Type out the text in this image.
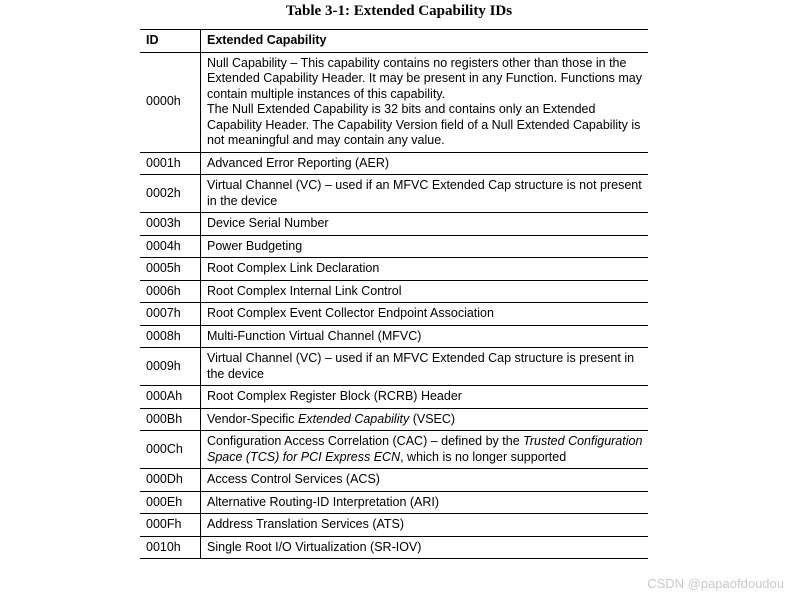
Table 3-1: Extended Capability IDs
ID	Extended Capability
0000h	Null Capability – This capability contains no registers other than those in the Extended Capability Header. It may be present in any Function. Functions may contain multiple instances of this capability.

The Null Extended Capability is 32 bits and contains only an Extended Capability Header. The Capability Version field of a Null Extended Capability is not meaningful and may contain any value.

0001h	Advanced Error Reporting (AER)
0002h	Virtual Channel (VC) – used if an MFVC Extended Cap structure is not present in the device
0003h	Device Serial Number
0004h	Power Budgeting
0005h	Root Complex Link Declaration
0006h	Root Complex Internal Link Control
0007h	Root Complex Event Collector Endpoint Association
0008h	Multi-Function Virtual Channel (MFVC)
0009h	Virtual Channel (VC) – used if an MFVC Extended Cap structure is present in the device
000Ah	Root Complex Register Block (RCRB) Header
000Bh	Vendor-Specific Extended Capability (VSEC)
000Ch	Configuration Access Correlation (CAC) – defined by the Trusted Configuration Space (TCS) for PCI Express ECN, which is no longer supported
000Dh	Access Control Services (ACS)
000Eh	Alternative Routing-ID Interpretation (ARI)
000Fh	Address Translation Services (ATS)
0010h	Single Root I/O Virtualization (SR-IOV)
CSDN @papaofdoudou
